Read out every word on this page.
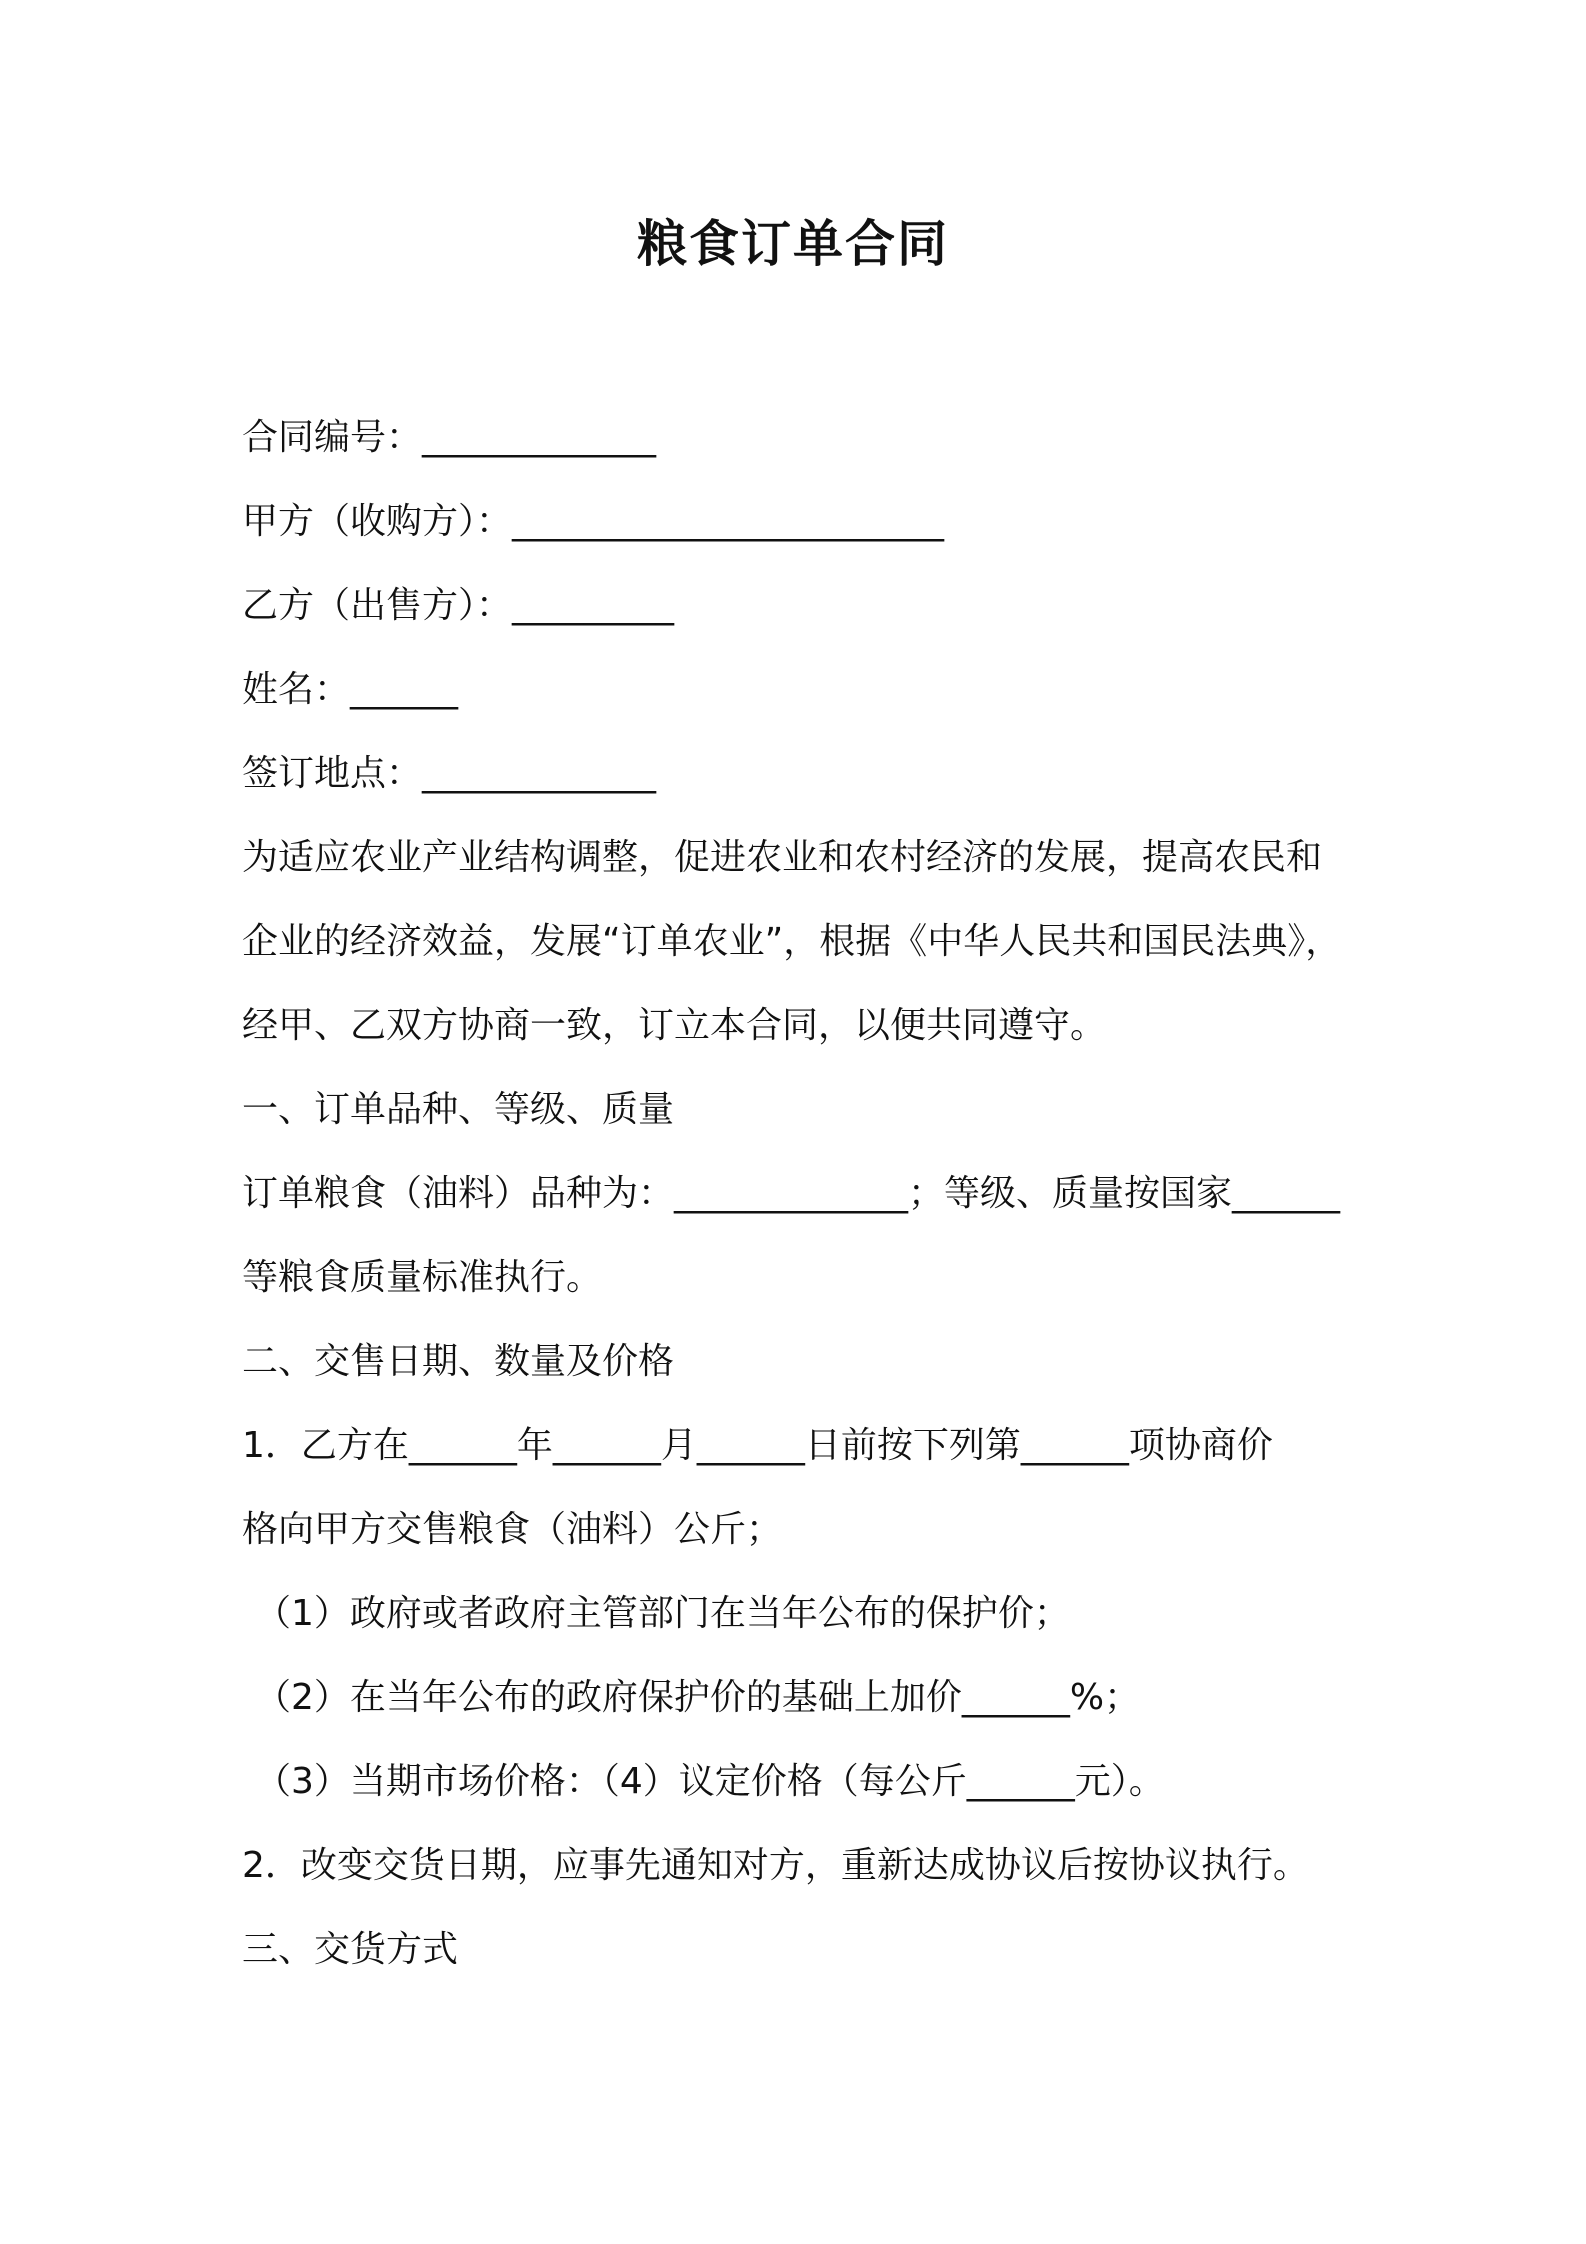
粮食订单合同
合同编号：_____________
甲方（收购方）：________________________
乙方（出售方）：_________
姓名：______
签订地点：_____________
为适应农业产业结构调整，促进农业和农村经济的发展，提高农民和
企业的经济效益，发展“订单农业”，根据《中华人民共和国民法典》，
经甲、乙双方协商一致，订立本合同，以便共同遵守。
一、订单品种、等级、质量
订单粮食（油料）品种为：_____________；等级、质量按国家______
等粮食质量标准执行。
二、交售日期、数量及价格
1．乙方在______年______月______日前按下列第______项协商价
格向甲方交售粮食（油料）公斤；
（1）政府或者政府主管部门在当年公布的保护价；
（2）在当年公布的政府保护价的基础上加价______%；
（3）当期市场价格：（4）议定价格（每公斤______元）。
2．改变交货日期，应事先通知对方，重新达成协议后按协议执行。
三、交货方式
